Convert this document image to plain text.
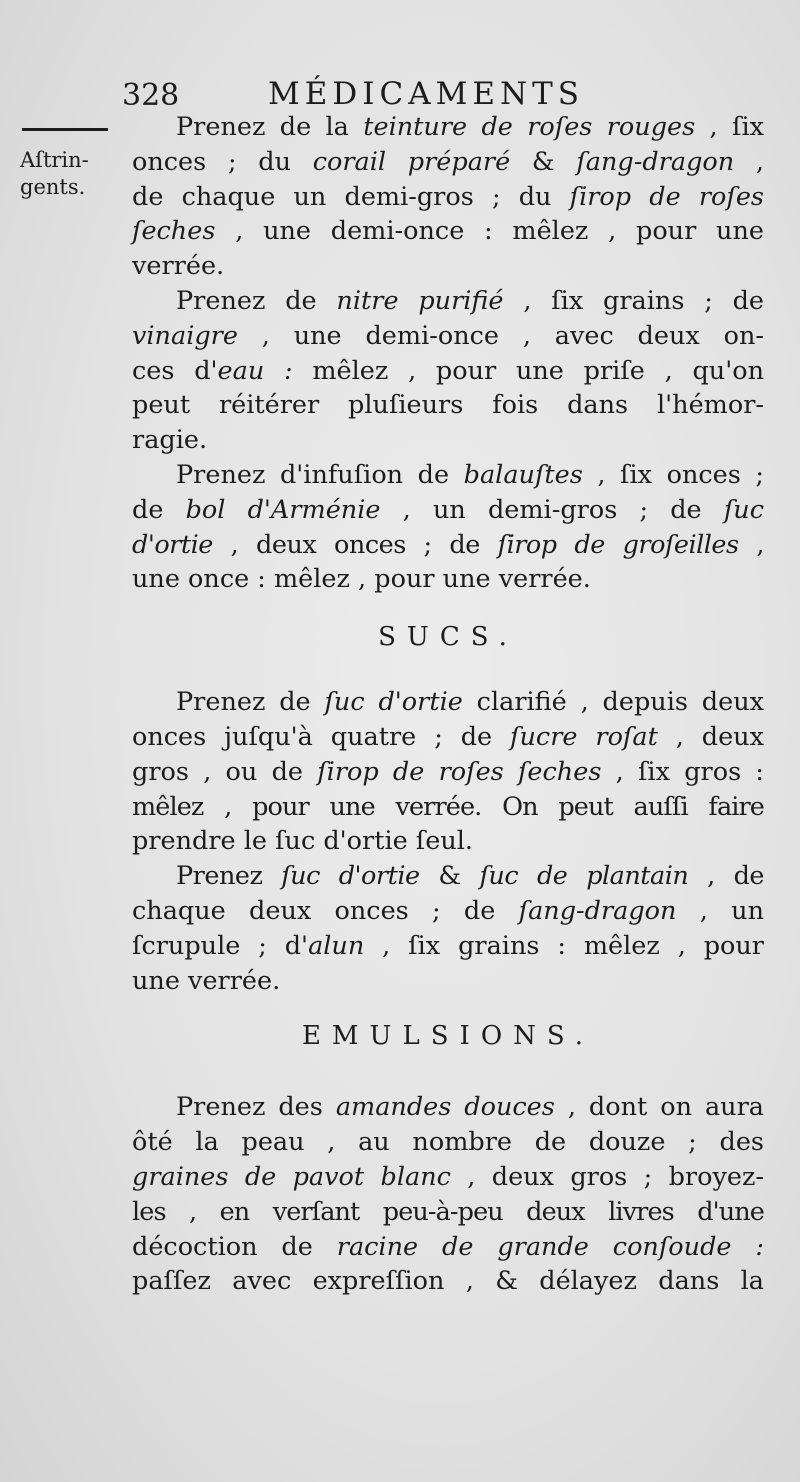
328	MÉDICAMENTS
Aſtrin-
gents.
Prenez de la teinture de roſes rouges , ſix
onces ; du corail préparé & ſang-dragon ,
de chaque un demi-gros ; du ſirop de roſes
ſeches , une demi-once : mêlez , pour une
verrée.
Prenez de nitre purifié , ſix grains ; de
vinaigre , une demi-once , avec deux on-
ces d'eau : mêlez , pour une priſe , qu'on
peut réitérer pluſieurs fois dans l'hémor-
ragie.
Prenez d'infuſion de balauſtes , ſix onces ;
de bol d'Arménie , un demi-gros ; de ſuc
d'ortie , deux onces ; de ſirop de groſeilles ,
une once : mêlez , pour une verrée.
SUCS.
Prenez de ſuc d'ortie clarifié , depuis deux
onces juſqu'à quatre ; de ſucre roſat , deux
gros , ou de ſirop de roſes ſeches , ſix gros :
mêlez , pour une verrée. On peut auſſi faire
prendre le ſuc d'ortie ſeul.
Prenez ſuc d'ortie & ſuc de plantain , de
chaque deux onces ; de ſang-dragon , un
ſcrupule ; d'alun , ſix grains : mêlez , pour
une verrée.
EMULSIONS.
Prenez des amandes douces , dont on aura
ôté la peau , au nombre de douze ; des
graines de pavot blanc , deux gros ; broyez-
les , en verſant peu-à-peu deux livres d'une
décoction de racine de grande conſoude :
paſſez avec expreſſion , & délayez dans la
